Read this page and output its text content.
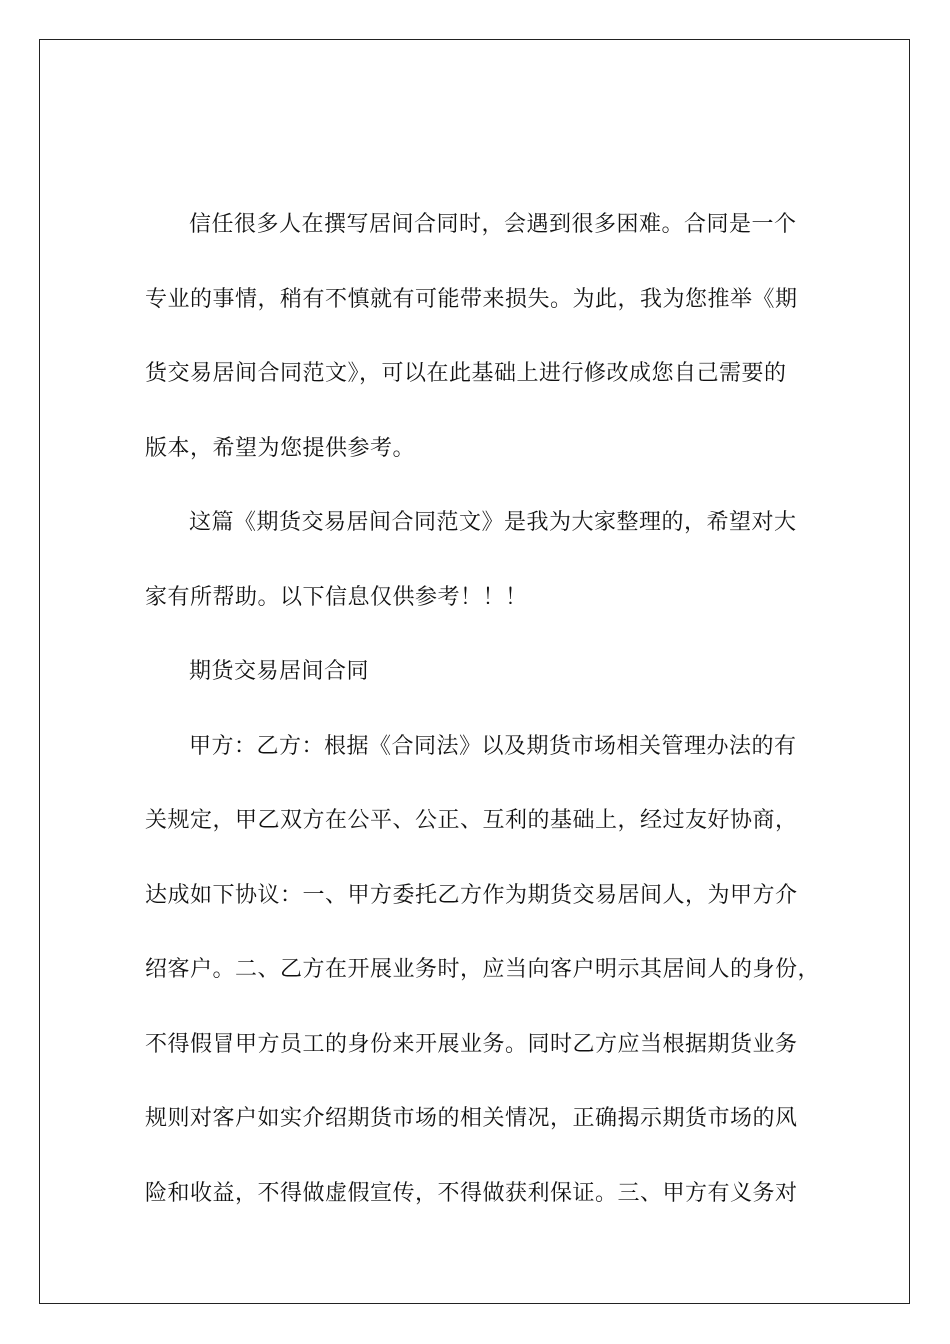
信任很多人在撰写居间合同时，会遇到很多困难。合同是一个
专业的事情，稍有不慎就有可能带来损失。为此，我为您推举《期
货交易居间合同范文》，可以在此基础上进行修改成您自己需要的
版本，希望为您提供参考。
这篇《期货交易居间合同范文》是我为大家整理的，希望对大
家有所帮助。以下信息仅供参考！！！
期货交易居间合同
甲方：乙方：根据《合同法》以及期货市场相关管理办法的有
关规定，甲乙双方在公平、公正、互利的基础上，经过友好协商，
达成如下协议：一、甲方委托乙方作为期货交易居间人，为甲方介
绍客户。二、乙方在开展业务时，应当向客户明示其居间人的身份，
不得假冒甲方员工的身份来开展业务。同时乙方应当根据期货业务
规则对客户如实介绍期货市场的相关情况，正确揭示期货市场的风
险和收益，不得做虚假宣传，不得做获利保证。三、甲方有义务对
